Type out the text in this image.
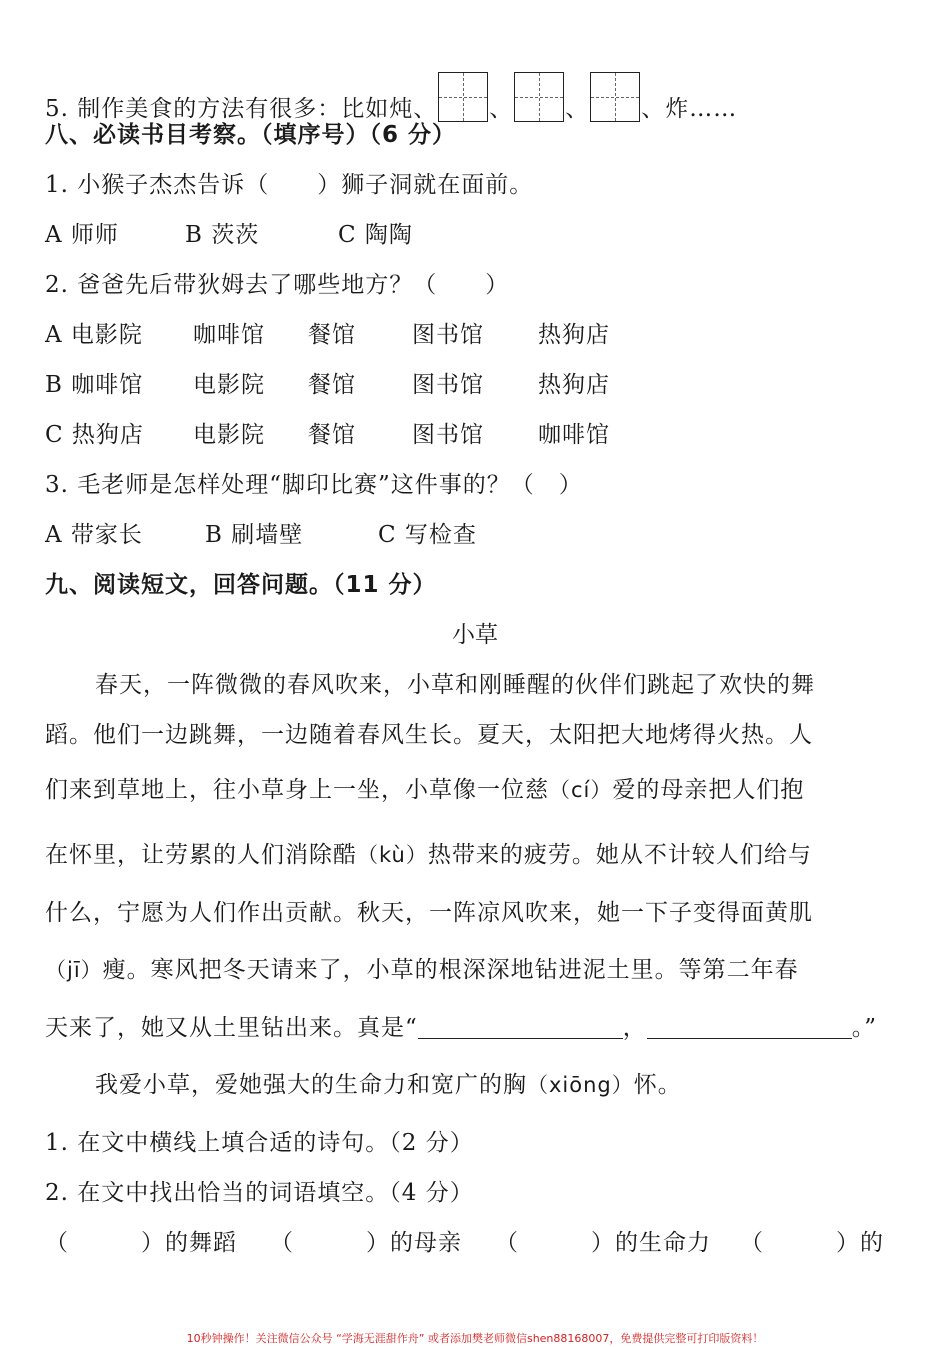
5. 制作美食的方法有很多：比如炖、 、 、 、炸……
八、必读书目考察。（填序号）（6 分）
1. 小猴子杰杰告诉（　　）狮子洞就在面前。
A 师师	B 茨茨	C 陶陶
2. 爸爸先后带狄姆去了哪些地方？（　　）
A 电影院 咖啡馆 餐馆 图书馆 热狗店
B 咖啡馆 电影院 餐馆 图书馆 热狗店
C 热狗店 电影院 餐馆 图书馆 咖啡馆
3. 毛老师是怎样处理“脚印比赛”这件事的？（　）
A 带家长	B 刷墙壁	C 写检查
九、阅读短文，回答问题。（11 分）
小草
春天，一阵微微的春风吹来，小草和刚睡醒的伙伴们跳起了欢快的舞
蹈。他们一边跳舞，一边随着春风生长。夏天，太阳把大地烤得火热。人
们来到草地上，往小草身上一坐，小草像一位慈（cí）爱的母亲把人们抱
在怀里，让劳累的人们消除酷（kù）热带来的疲劳。她从不计较人们给与
什么，宁愿为人们作出贡献。秋天，一阵凉风吹来，她一下子变得面黄肌
（jī）瘦。寒风把冬天请来了，小草的根深深地钻进泥土里。等第二年春
天来了，她又从土里钻出来。真是“	，	。”
我爱小草，爱她强大的生命力和宽广的胸（xiōng）怀。
1. 在文中横线上填合适的诗句。（2 分）
2. 在文中找出恰当的词语填空。（4 分）
（　　　）的舞蹈 （　　　）的母亲 （　　　）的生命力 （　　　）的
10秒钟操作！关注微信公众号 “学海无涯甜作舟” 或者添加樊老师微信shen88168007，免费提供完整可打印版资料！
